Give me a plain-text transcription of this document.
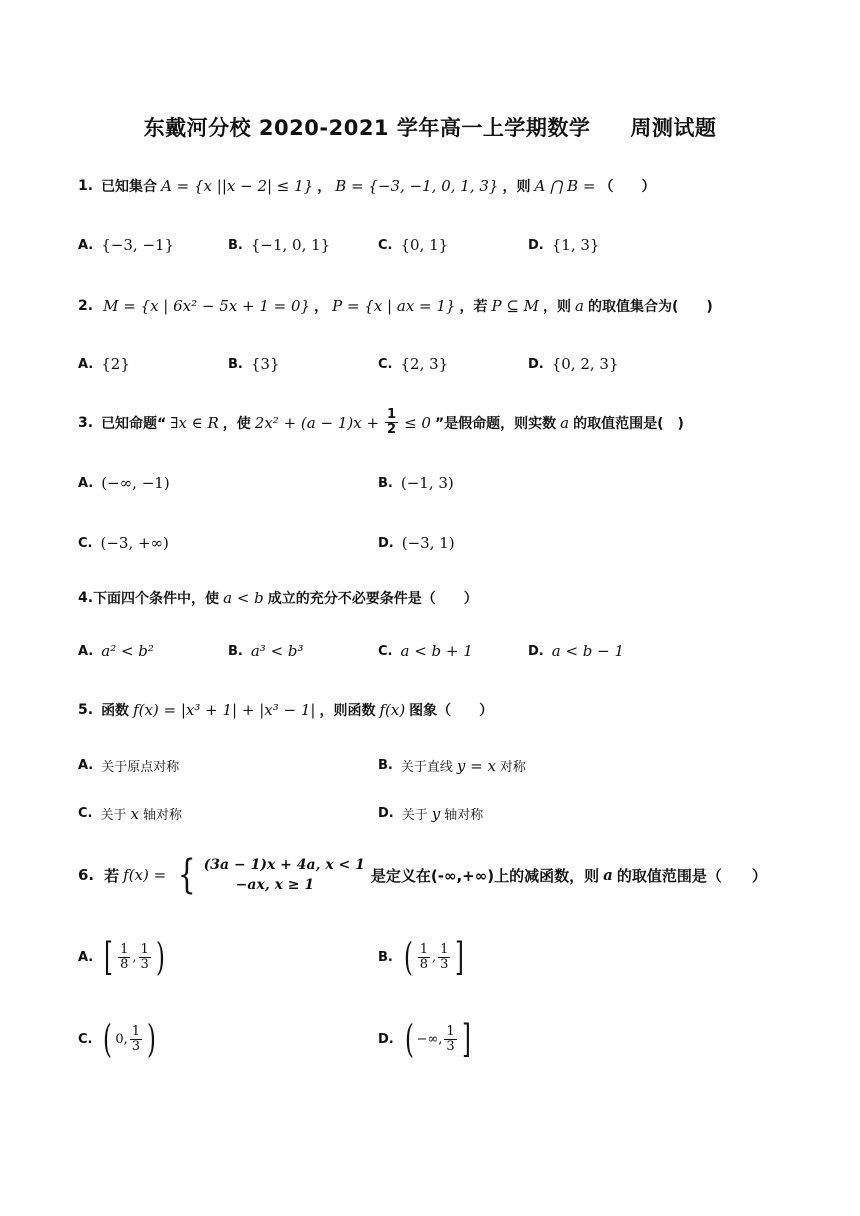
东戴河分校 2020-2021 学年高一上学期数学 周测试题
1. 已知集合 A = {x ||x − 2| ≤ 1} ， B = {−3, −1, 0, 1, 3} ，则 A ⋂ B = （　　）
A. {−3, −1}	B. {−1, 0, 1}	C. {0, 1}	D. {1, 3}
2. M = {x | 6x² − 5x + 1 = 0} ， P = {x | ax = 1} ，若 P ⊆ M ，则 a 的取值集合为(　　)
A. {2}	B. {3}	C. {2, 3}	D. {0, 2, 3}
3. 已知命题“ ∃x ∈ R ，使 $2x^2 + (a - 1)x + \frac{1}{2} \le 0$ ”是假命题，则实数 a 的取值范围是(　)
A. (−∞, −1)	B. (−1, 3)
C. (−3, +∞)	D. (−3, 1)
4. 下面四个条件中，使 a < b 成立的充分不必要条件是（　　）
A. a² < b²	B. a³ < b³	C. a < b + 1	D. a < b − 1
5. 函数 f(x) = |x³ + 1| + |x³ − 1| ，则函数 f(x) 图象（　　）
A. 关于原点对称	B. 关于直线 y = x 对称
C. 关于 x 轴对称	D. 关于 y 轴对称
6. 若 f(x) = { (3a − 1)x + 4a, x < 1
−ax, x ≥ 1
是定义在(-∞,+∞)上的减函数，则 a 的取值范围是（　　）
A. [ $\frac{1}{8}$ , $\frac{1}{3}$ )	B. ( $\frac{1}{8}$ , $\frac{1}{3}$ ]
C. ( 0, $\frac{1}{3}$ )	D. ( −∞, $\frac{1}{3}$ ]
